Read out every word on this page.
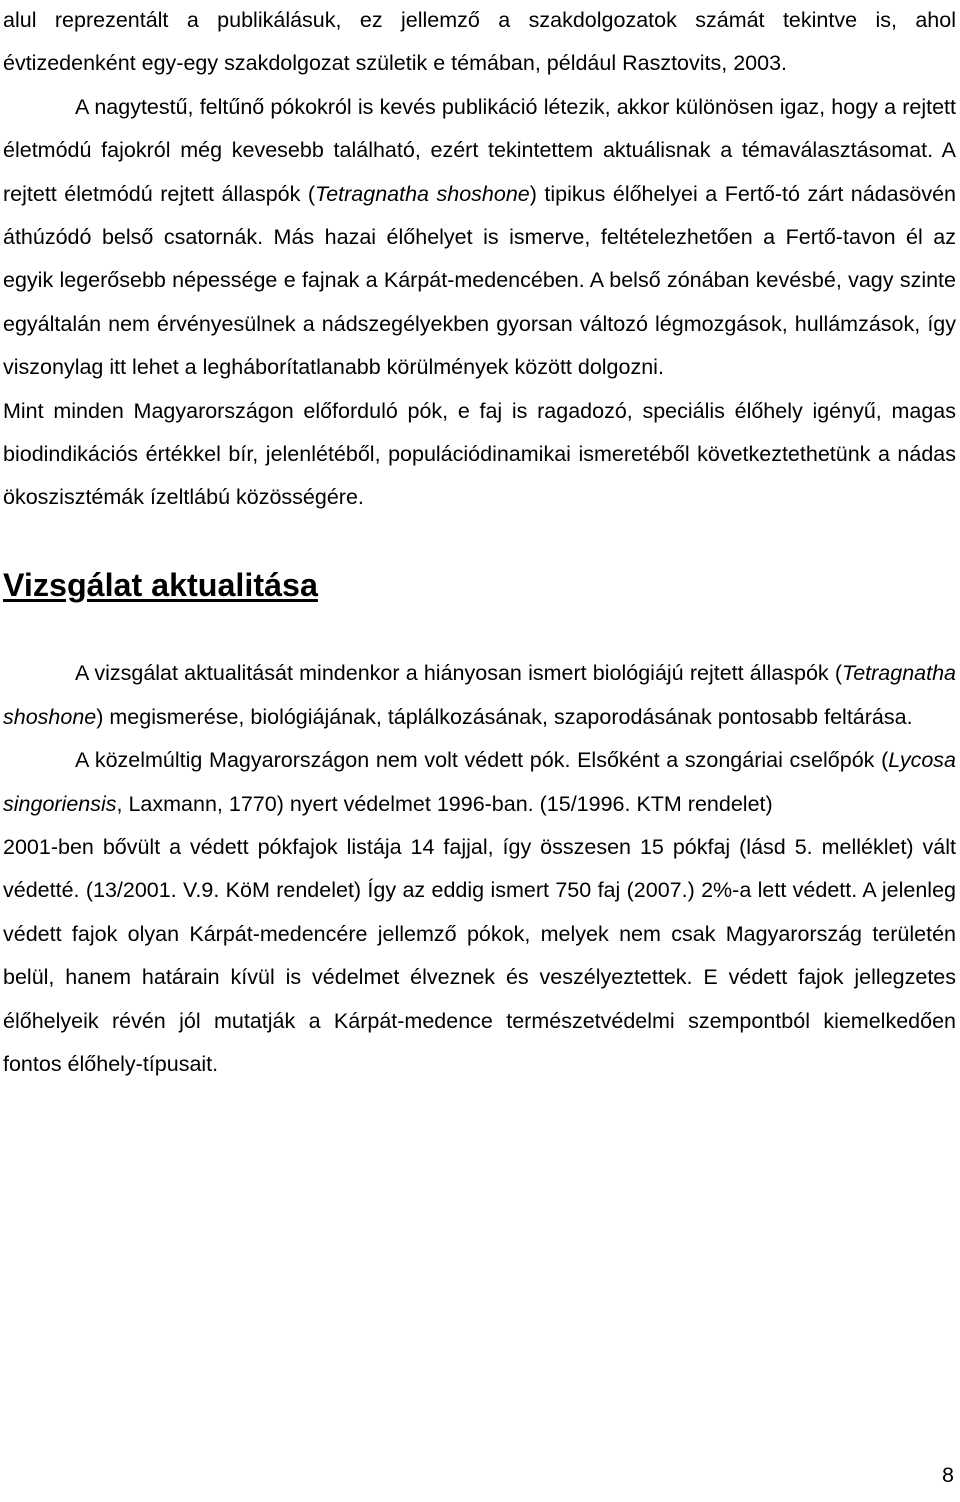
alul reprezentált a publikálásuk, ez jellemző a szakdolgozatok számát tekintve is, ahol évtizedenként egy-egy szakdolgozat születik e témában, például Rasztovits, 2003.

A nagytestű, feltűnő pókokról is kevés publikáció létezik, akkor különösen igaz, hogy a rejtett életmódú fajokról még kevesebb található, ezért tekintettem aktuálisnak a témaválasztásomat. A rejtett életmódú rejtett állaspók (Tetragnatha shoshone) tipikus élőhelyei a Fertő-tó zárt nádasövén áthúzódó belső csatornák. Más hazai élőhelyet is ismerve, feltételezhetően a Fertő-tavon él az egyik legerősebb népessége e fajnak a Kárpát-medencében. A belső zónában kevésbé, vagy szinte egyáltalán nem érvényesülnek a nádszegélyekben gyorsan változó légmozgások, hullámzások, így viszonylag itt lehet a legháborítatlanabb körülmények között dolgozni.

Mint minden Magyarországon előforduló pók, e faj is ragadozó, speciális élőhely igényű, magas biodindikációs értékkel bír, jelenlétéből, populációdinamikai ismeretéből következtethetünk a nádas ökoszisztémák ízeltlábú közösségére.

Vizsgálat aktualitása

A vizsgálat aktualitását mindenkor a hiányosan ismert biológiájú rejtett állaspók (Tetragnatha shoshone) megismerése, biológiájának, táplálkozásának, szaporodásának pontosabb feltárása.

A közelmúltig Magyarországon nem volt védett pók. Elsőként a szongáriai cselőpók (Lycosa singoriensis, Laxmann, 1770) nyert védelmet 1996-ban. (15/1996. KTM rendelet)

2001-ben bővült a védett pókfajok listája 14 fajjal, így összesen 15 pókfaj (lásd 5. melléklet) vált védetté. (13/2001. V.9. KöM rendelet) Így az eddig ismert 750 faj (2007.) 2%-a lett védett. A jelenleg védett fajok olyan Kárpát-medencére jellemző pókok, melyek nem csak Magyarország területén belül, hanem határain kívül is védelmet élveznek és veszélyeztettek. E védett fajok jellegzetes élőhelyeik révén jól mutatják a Kárpát-medence természetvédelmi szempontból kiemelkedően fontos élőhely-típusait.

8
